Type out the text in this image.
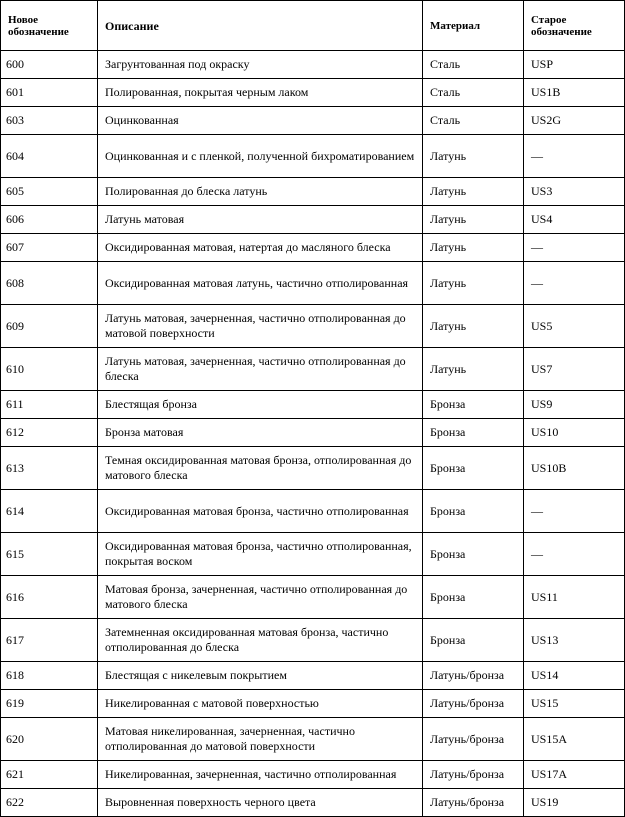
Новое обозначение	Описание	Материал	Старое обозначение
600	Загрунтованная под окраску	Сталь	USP
601	Полированная, покрытая черным лаком	Сталь	US1B
603	Оцинкованная	Сталь	US2G
604	Оцинкованная и с пленкой, полученной бихроматированием	Латунь	—
605	Полированная до блеска латунь	Латунь	US3
606	Латунь матовая	Латунь	US4
607	Оксидированная матовая, натертая до масляного блеска	Латунь	—
608	Оксидированная матовая латунь, частично отполированная	Латунь	—
609	Латунь матовая, зачерненная, частично отполированная до матовой поверхности	Латунь	US5
610	Латунь матовая, зачерненная, частично отполированная до блеска	Латунь	US7
611	Блестящая бронза	Бронза	US9
612	Бронза матовая	Бронза	US10
613	Темная оксидированная матовая бронза, отполированная до матового блеска	Бронза	US10B
614	Оксидированная матовая бронза, частично отполированная	Бронза	—
615	Оксидированная матовая бронза, частично отполированная, покрытая воском	Бронза	—
616	Матовая бронза, зачерненная, частично отполированная до матового блеска	Бронза	US11
617	Затемненная оксидированная матовая бронза, частично отполированная до блеска	Бронза	US13
618	Блестящая с никелевым покрытием	Латунь/бронза	US14
619	Никелированная с матовой поверхностью	Латунь/бронза	US15
620	Матовая никелированная, зачерненная, частично отполированная до матовой поверхности	Латунь/бронза	US15A
621	Никелированная, зачерненная, частично отполированная	Латунь/бронза	US17A
622	Выровненная поверхность черного цвета	Латунь/бронза	US19
